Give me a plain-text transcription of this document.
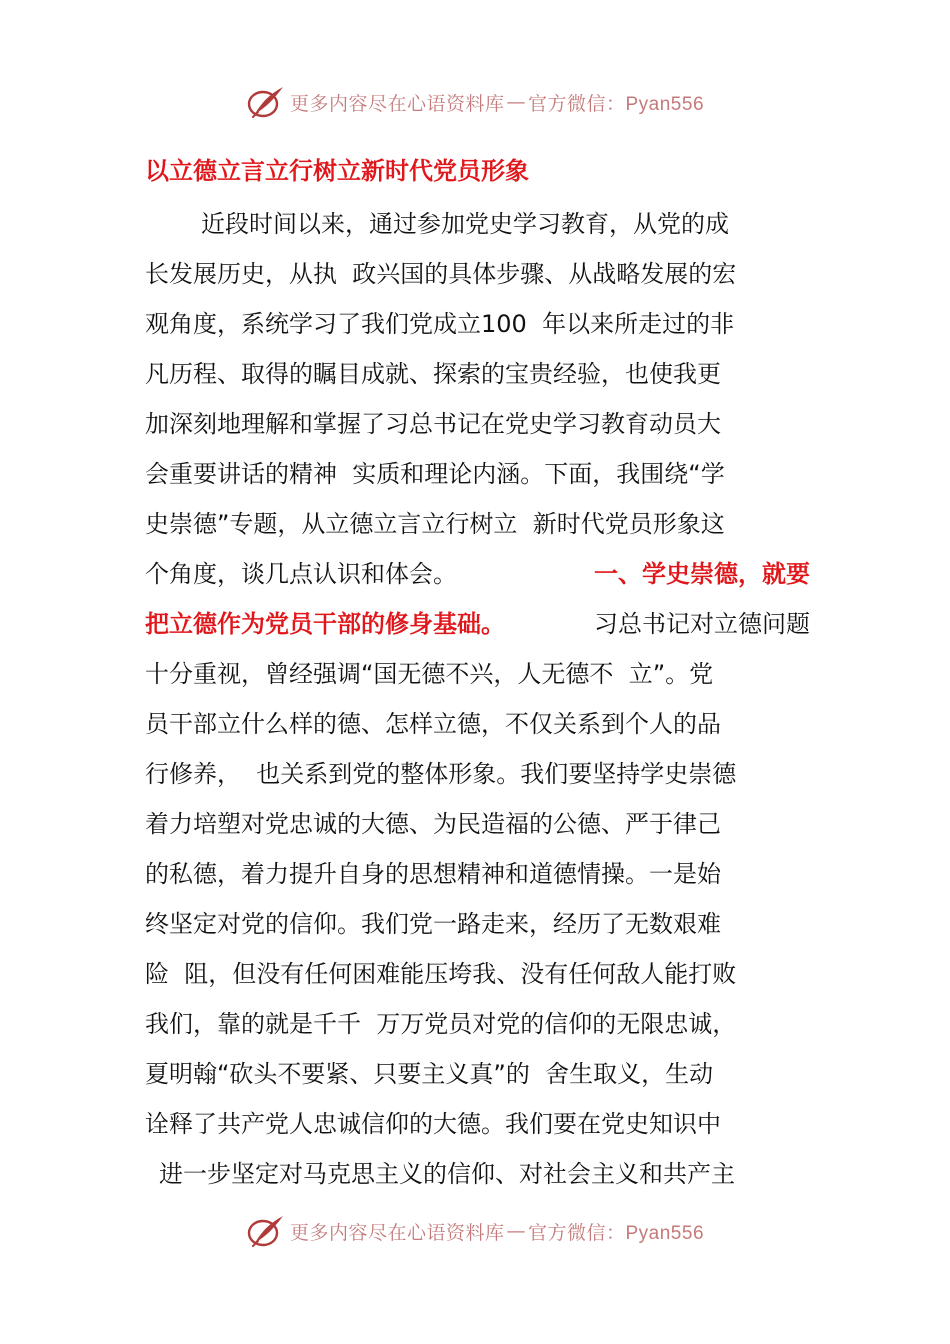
更多内容尽在心语资料库 — 官方微信：Pyan556
以立德立言立行树立新时代党员形象
近段时间以来，通过参加党史学习教育，从党的成
长发展历史，从执  政兴国的具体步骤、从战略发展的宏
观角度，系统学习了我们党成立100  年以来所走过的非
凡历程、取得的瞩目成就、探索的宝贵经验，也使我更
加深刻地理解和掌握了习总书记在党史学习教育动员大
会重要讲话的精神  实质和理论内涵。下面，我围绕“学
史崇德”专题，从立德立言立行树立  新时代党员形象这
个角度，谈几点认识和体会。	一、学史崇德，就要
把立德作为党员干部的修身基础。	习总书记对立德问题
十分重视，曾经强调“国无德不兴，人无德不  立”。党
员干部立什么样的德、怎样立德，不仅关系到个人的品
行修养，  也关系到党的整体形象。我们要坚持学史崇德
着力培塑对党忠诚的大德、为民造福的公德、严于律己
的私德，着力提升自身的思想精神和道德情操。一是始
终坚定对党的信仰。我们党一路走来，经历了无数艰难
险  阻，但没有任何困难能压垮我、没有任何敌人能打败
我们，靠的就是千千  万万党员对党的信仰的无限忠诚，
夏明翰“砍头不要紧、只要主义真”的  舍生取义，生动
诠释了共产党人忠诚信仰的大德。我们要在党史知识中
进一步坚定对马克思主义的信仰、对社会主义和共产主
更多内容尽在心语资料库 — 官方微信：Pyan556
